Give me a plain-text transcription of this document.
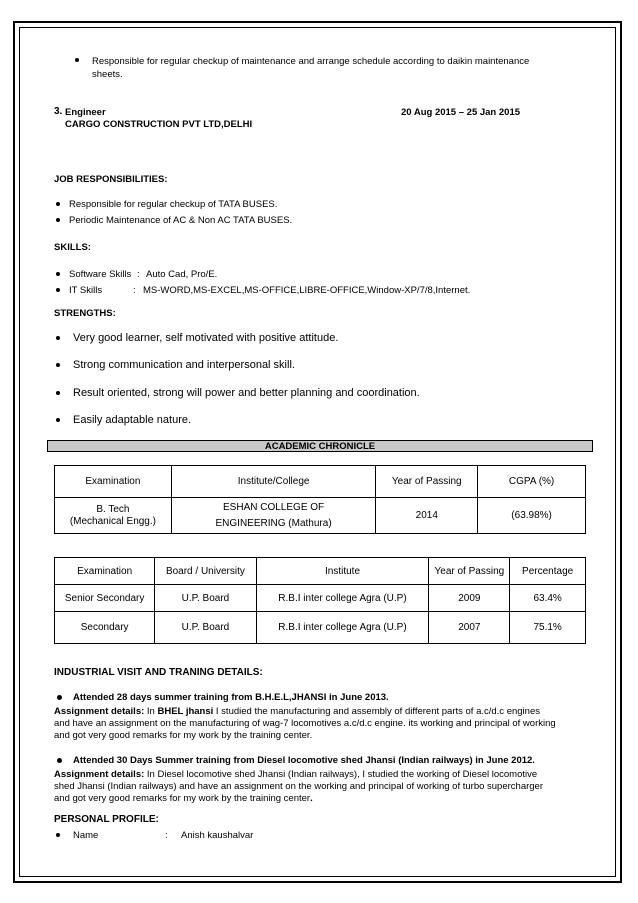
Responsible for regular checkup of maintenance and arrange schedule according to daikin maintenance sheets.
3. Engineer	20 Aug 2015 – 25 Jan 2015
CARGO CONSTRUCTION PVT LTD,DELHI
JOB RESPONSIBILITIES:
Responsible for regular checkup of TATA BUSES.
Periodic Maintenance of AC & Non AC TATA BUSES.
SKILLS:
Software Skills : Auto Cad, Pro/E.
IT Skills	: MS-WORD,MS-EXCEL,MS-OFFICE,LIBRE-OFFICE,Window-XP/7/8,Internet.
STRENGTHS:
Very good learner, self motivated with positive attitude.
Strong communication and interpersonal skill.
Result oriented, strong will power and better planning and coordination.
Easily adaptable nature.
ACADEMIC CHRONICLE
Examination	Institute/College	Year of Passing	CGPA (%)
B. Tech
(Mechanical Engg.)	ESHAN COLLEGE OF
ENGINEERING (Mathura)	2014	(63.98%)
Examination	Board / University	Institute	Year of Passing	Percentage
Senior Secondary	U.P. Board	R.B.I inter college Agra (U.P)	2009	63.4%
Secondary	U.P. Board	R.B.I inter college Agra (U.P)	2007	75.1%
INDUSTRIAL VISIT AND TRANING DETAILS:
Attended 28 days summer training from B.H.E.L,JHANSI in June 2013.
Assignment details: In BHEL jhansi I studied the manufacturing and assembly of different parts of a.c/d.c engines
and have an assignment on the manufacturing of wag-7 locomotives a.c/d.c engine. its working and principal of working
and got very good remarks for my work by the training center.
Attended 30 Days Summer training from Diesel locomotive shed Jhansi (Indian railways) in June 2012.
Assignment details: In Diesel locomotive shed Jhansi (Indian railways), I studied the working of Diesel locomotive
shed Jhansi (Indian railways) and have an assignment on the working and principal of working of turbo supercharger
and got very good remarks for my work by the training center.
PERSONAL PROFILE:
Name	: Anish kaushalvar
